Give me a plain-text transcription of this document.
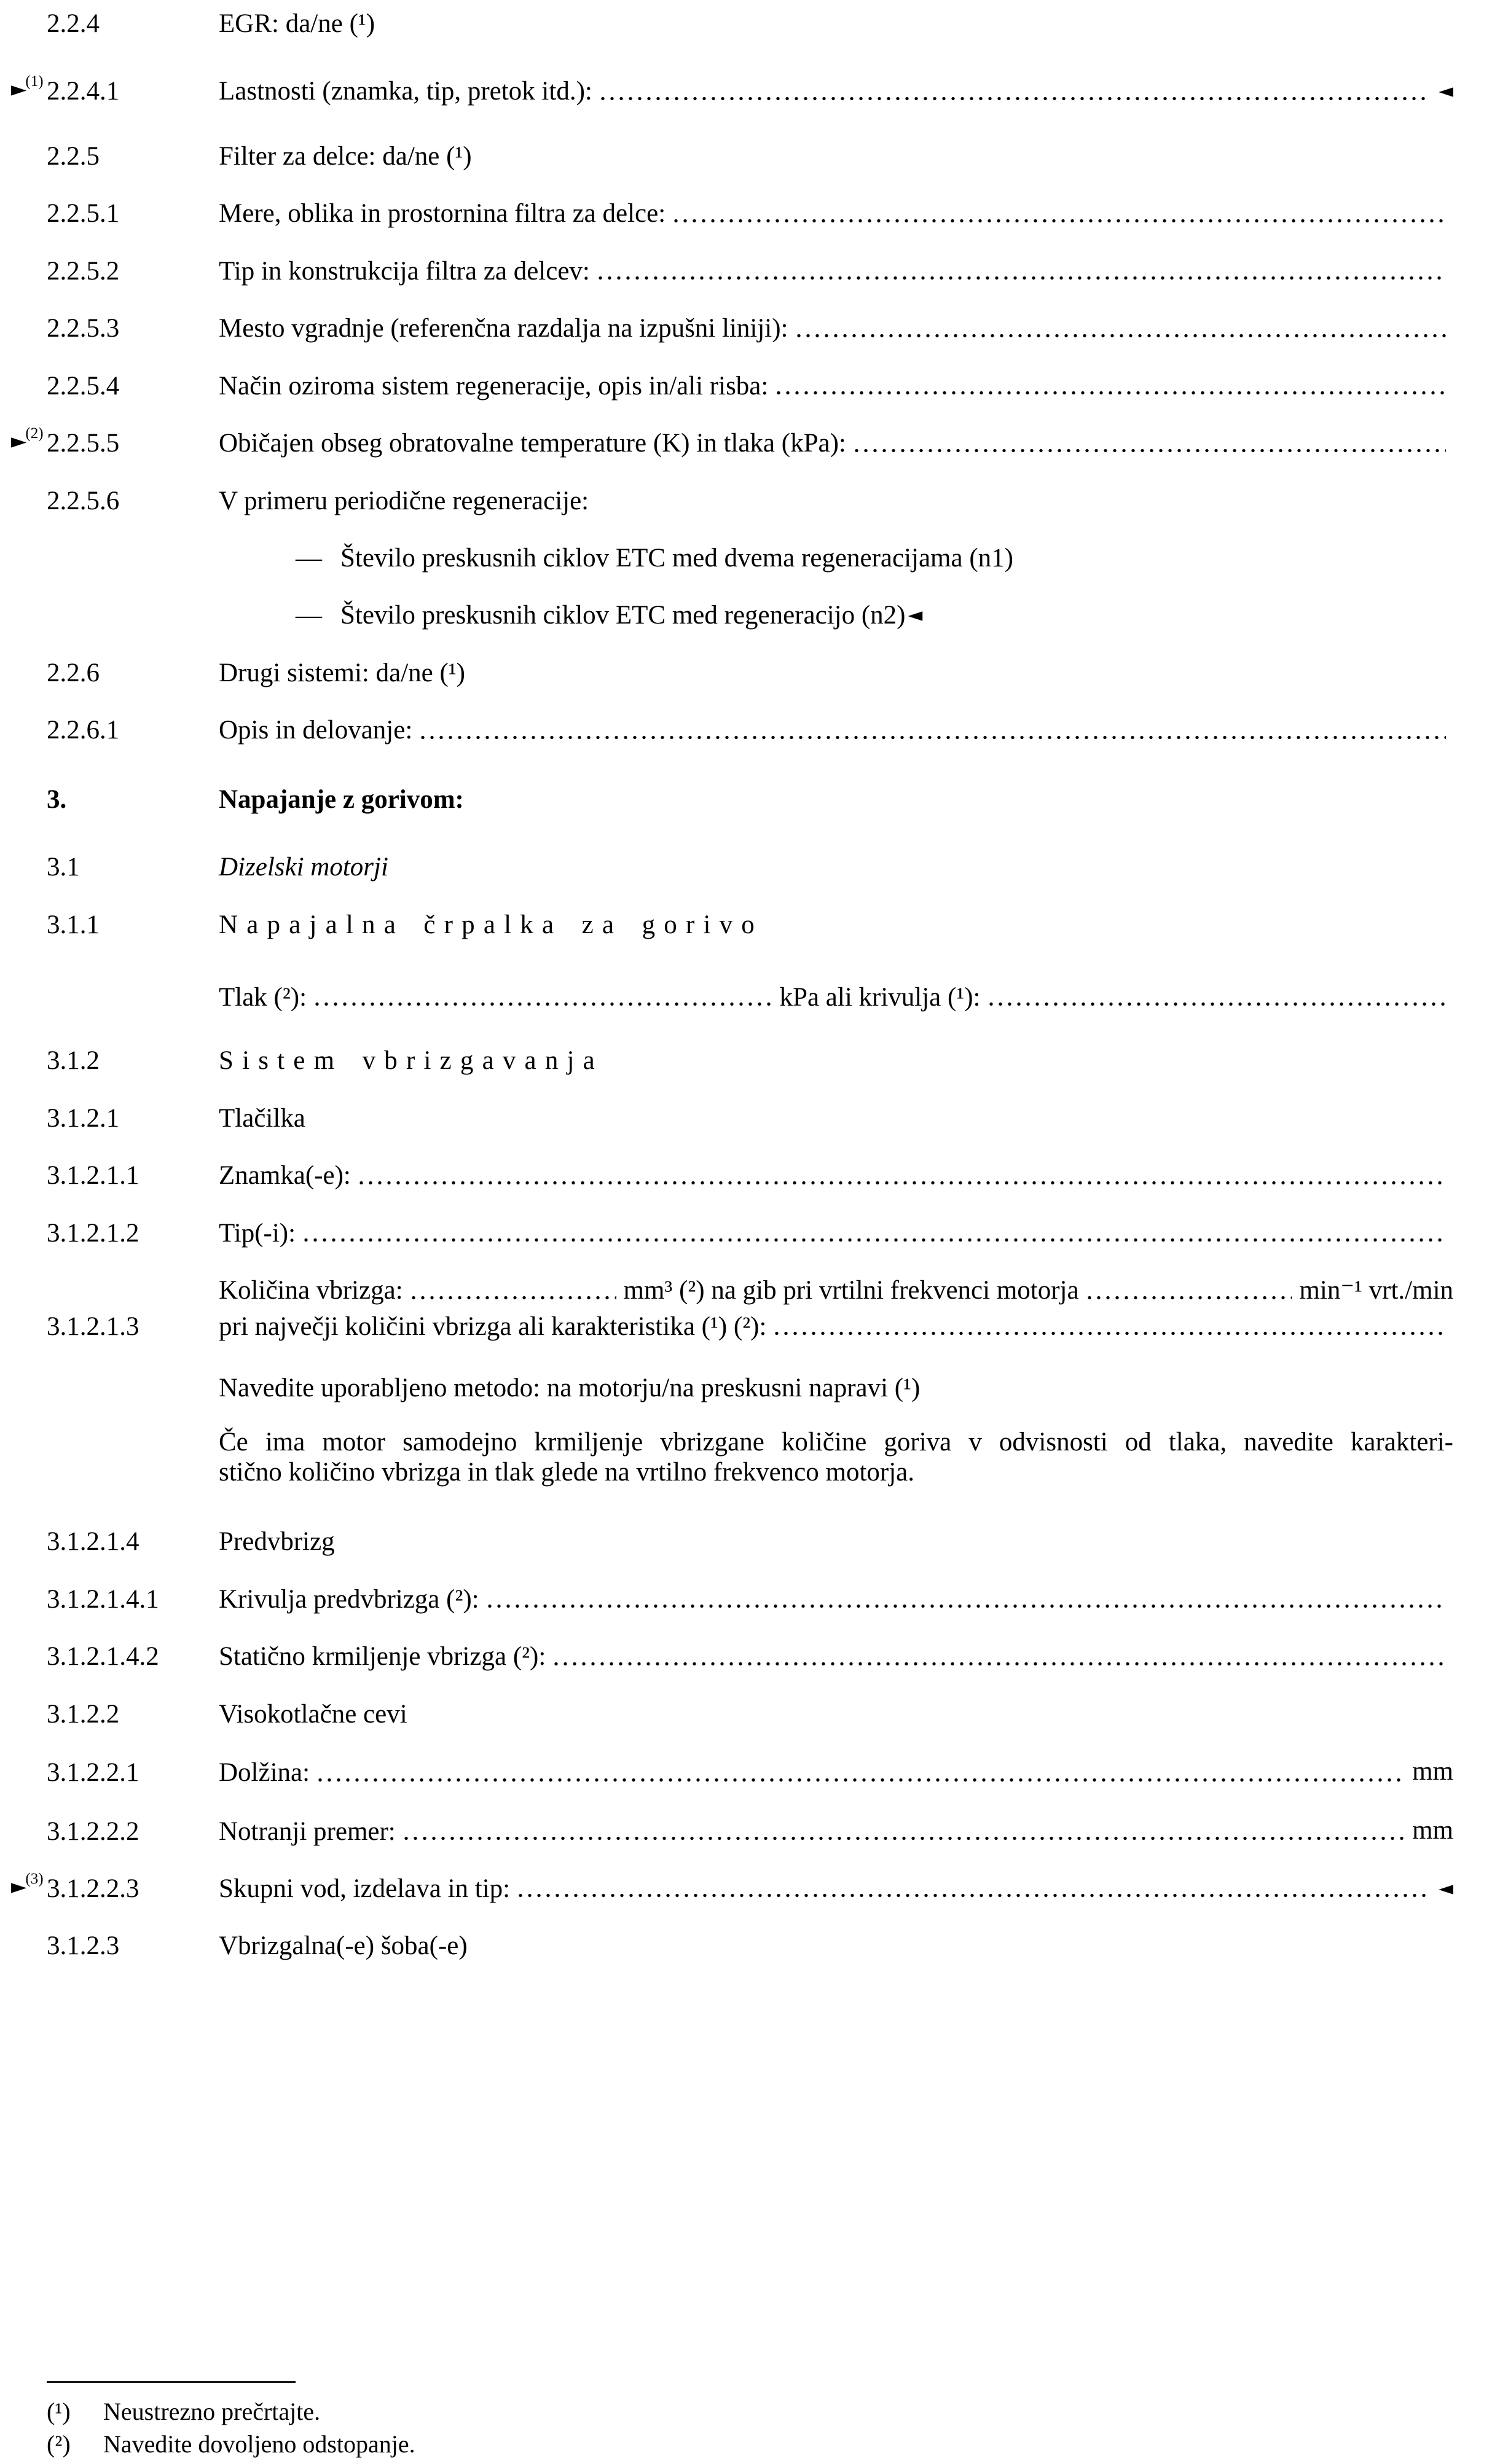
2.2.4	EGR: da/ne (¹)
►$^{(1)}$ 2.2.4.1	Lastnosti (znamka, tip, pretok itd.):	◄
2.2.5	Filter za delce: da/ne (¹)
2.2.5.1	Mere, oblika in prostornina filtra za delce:
2.2.5.2	Tip in konstrukcija filtra za delcev:
2.2.5.3	Mesto vgradnje (referenčna razdalja na izpušni liniji):
2.2.5.4	Način oziroma sistem regeneracije, opis in/ali risba:
►$^{(2)}$ 2.2.5.5	Običajen obseg obratovalne temperature (K) in tlaka (kPa):
2.2.5.6	V primeru periodične regeneracije:
— Število preskusnih ciklov ETC med dvema regeneracijama (n1)
— Število preskusnih ciklov ETC med regeneracijo (n2) ◄
2.2.6	Drugi sistemi: da/ne (¹)
2.2.6.1	Opis in delovanje:
3.	Napajanje z gorivom:
3.1	Dizelski motorji
3.1.1	Napajalna črpalka za gorivo
Tlak (²):	kPa ali krivulja (¹):
3.1.2	Sistem vbrizgavanja
3.1.2.1	Tlačilka
3.1.2.1.1	Znamka(-e):
3.1.2.1.2	Tip(-i):
3.1.2.1.3
Količina vbrizga:	mm³ (²) na gib pri vrtilni frekvenci motorja	min⁻¹ vrt./min
pri največji količini vbrizga ali karakteristika (¹) (²):
Navedite uporabljeno metodo: na motorju/na preskusni napravi (¹)
Če ima motor samodejno krmiljenje vbrizgane količine goriva v odvisnosti od tlaka, navedite karakteri-
stično količino vbrizga in tlak glede na vrtilno frekvenco motorja.
3.1.2.1.4	Predvbrizg
3.1.2.1.4.1	Krivulja predvbrizga (²):
3.1.2.1.4.2	Statično krmiljenje vbrizga (²):
3.1.2.2	Visokotlačne cevi
3.1.2.2.1	Dolžina:	mm
3.1.2.2.2	Notranji premer:	mm
►$^{(3)}$ 3.1.2.2.3	Skupni vod, izdelava in tip:	◄
3.1.2.3	Vbrizgalna(-e) šoba(-e)
(¹)	Neustrezno prečrtajte.
(²)	Navedite dovoljeno odstopanje.
